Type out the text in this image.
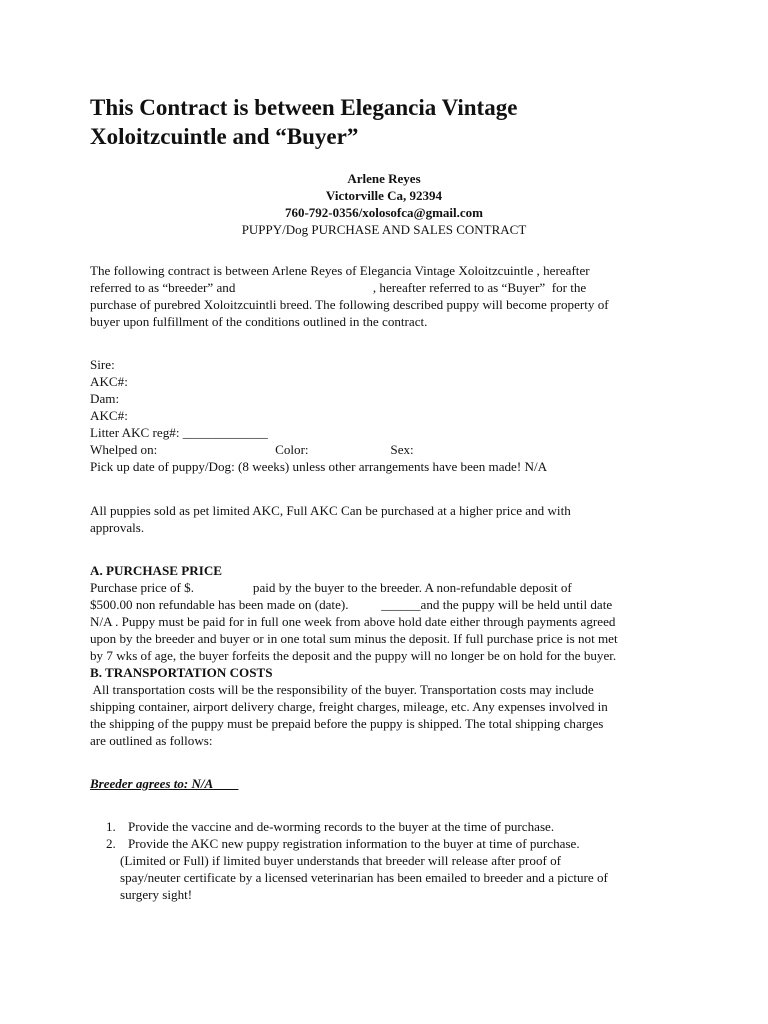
This Contract is between Elegancia Vintage
Xoloitzcuintle and “Buyer”
Arlene Reyes
Victorville Ca, 92394
760-792-0356/xolosofca@gmail.com
PUPPY/Dog PURCHASE AND SALES CONTRACT
The following contract is between Arlene Reyes of Elegancia Vintage Xoloitzcuintle , hereafter
referred to as “breeder” and                                          , hereafter referred to as “Buyer”  for the
purchase of purebred Xoloitzcuintli breed. The following described puppy will become property of
buyer upon fulfillment of the conditions outlined in the contract.
Sire:
AKC#:
Dam:
AKC#:
Litter AKC reg#: _____________
Whelped on:                                    Color:                         Sex:
Pick up date of puppy/Dog: (8 weeks) unless other arrangements have been made! N/A
All puppies sold as pet limited AKC, Full AKC Can be purchased at a higher price and with
approvals.
A. PURCHASE PRICE
Purchase price of $.                  paid by the buyer to the breeder. A non-refundable deposit of
$500.00 non refundable has been made on (date).          ______and the puppy will be held until date
N/A . Puppy must be paid for in full one week from above hold date either through payments agreed
upon by the breeder and buyer or in one total sum minus the deposit. If full purchase price is not met
by 7 wks of age, the buyer forfeits the deposit and the puppy will no longer be on hold for the buyer.
B. TRANSPORTATION COSTS
All transportation costs will be the responsibility of the buyer. Transportation costs may include
shipping container, airport delivery charge, freight charges, mileage, etc. Any expenses involved in
the shipping of the puppy must be prepaid before the puppy is shipped. The total shipping charges
are outlined as follows:
Breeder agrees to: N/A
1. Provide the vaccine and de-worming records to the buyer at the time of purchase.
2. Provide the AKC new puppy registration information to the buyer at time of purchase.
(Limited or Full) if limited buyer understands that breeder will release after proof of
spay/neuter certificate by a licensed veterinarian has been emailed to breeder and a picture of
surgery sight!
